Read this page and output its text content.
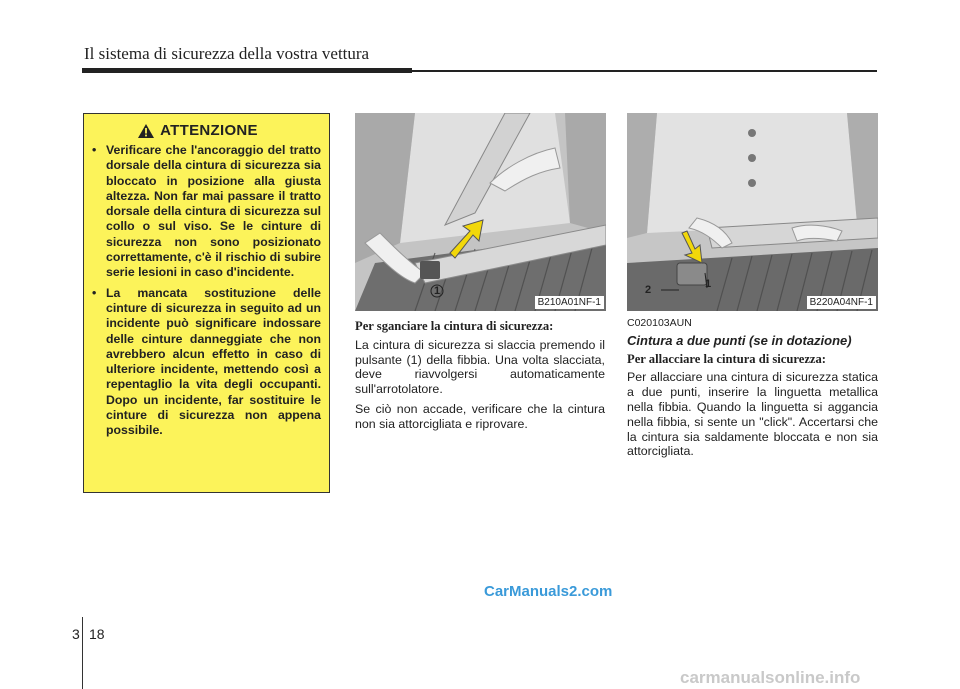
Il sistema di sicurezza della vostra vettura
ATTENZIONE
• Verificare che l'ancoraggio del tratto dorsale della cintura di sicurezza sia bloccato in posizione alla giusta altezza. Non far mai passare il tratto dorsale della cintura di sicurezza sul collo o sul viso. Se le cinture di sicurezza non sono posizionato correttamente, c'è il rischio di subire serie lesioni in caso d'incidente.
• La mancata sostituzione delle cinture di sicurezza in seguito ad un incidente può significare indossare delle cinture danneggiate che non avrebbero alcun effetto in caso di ulteriore incidente, mettendo così a repentaglio la vita degli occupanti. Dopo un incidente, far sostituire le cinture di sicurezza non appena possibile.
1
B210A01NF-1
2	1
B220A04NF-1
Per sganciare la cintura di sicurezza:

La cintura di sicurezza si slaccia premendo il pulsante (1) della fibbia. Una volta slacciata, deve riavvolgersi automaticamente sull'arrotolatore.

Se ciò non accade, verificare che la cintura non sia attorcigliata e riprovare.

C020103AUN
Cintura a due punti (se in dotazione)
Per allacciare la cintura di sicurezza:

Per allacciare una cintura di sicurezza statica a due punti, inserire la linguetta metallica nella fibbia. Quando la linguetta si aggancia nella fibbia, si sente un "click". Accertarsi che la cintura sia saldamente bloccata e non sia attorcigliata.

CarManuals2.com
3 18
carmanualsonline.info
